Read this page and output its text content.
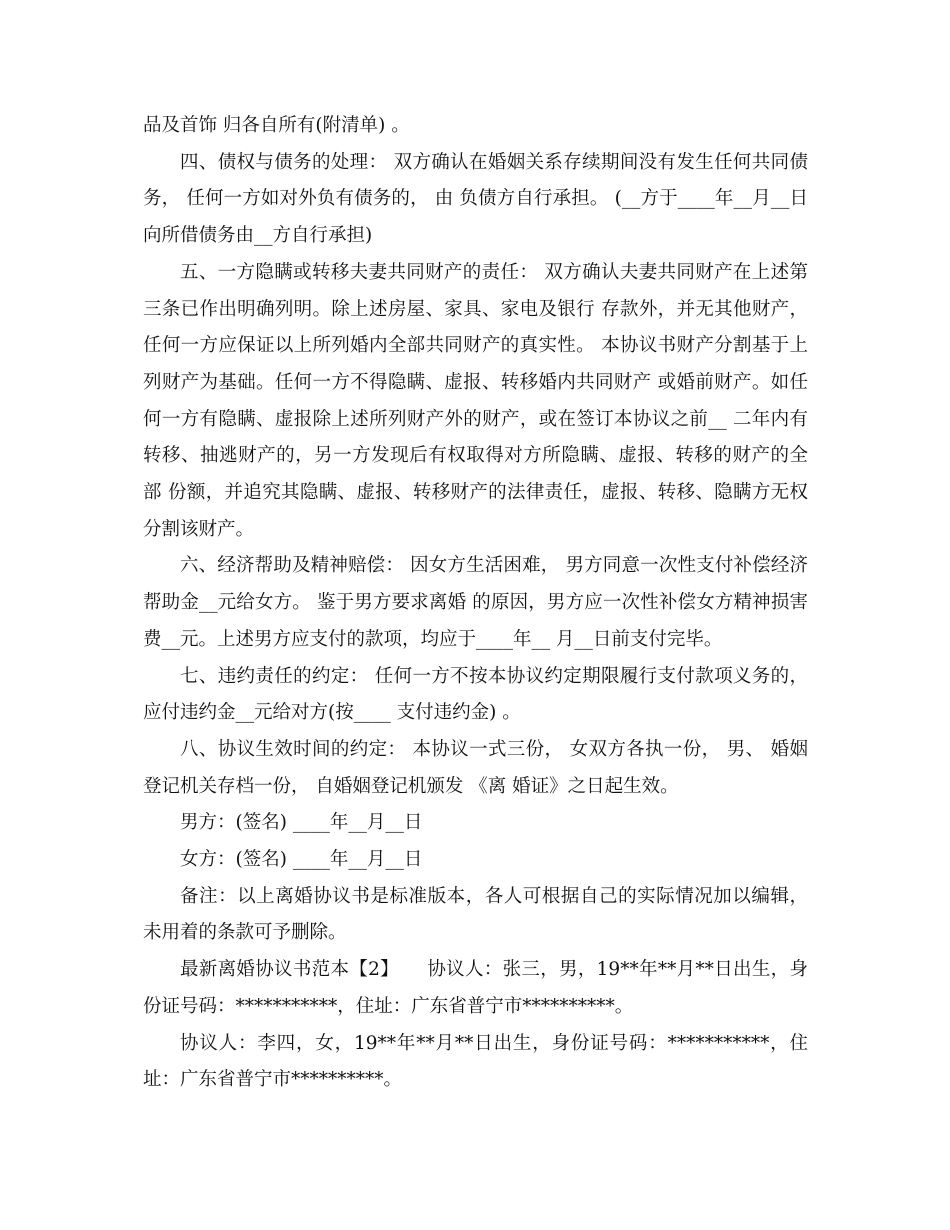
品及首饰 归各自所有(附清单) 。

四、债权与债务的处理： 双方确认在婚姻关系存续期间没有发生任何共同债务， 任何一方如对外负有债务的， 由 负债方自行承担。 (__方于____年__月__日向所借债务由__方自行承担)

五、一方隐瞒或转移夫妻共同财产的责任： 双方确认夫妻共同财产在上述第三条已作出明确列明。除上述房屋、家具、家电及银行 存款外，并无其他财产，任何一方应保证以上所列婚内全部共同财产的真实性。 本协议书财产分割基于上列财产为基础。任何一方不得隐瞒、虚报、转移婚内共同财产 或婚前财产。如任何一方有隐瞒、虚报除上述所列财产外的财产，或在签订本协议之前__ 二年内有转移、抽逃财产的，另一方发现后有权取得对方所隐瞒、虚报、转移的财产的全部 份额，并追究其隐瞒、虚报、转移财产的法律责任，虚报、转移、隐瞒方无权分割该财产。

六、经济帮助及精神赔偿： 因女方生活困难， 男方同意一次性支付补偿经济帮助金__元给女方。 鉴于男方要求离婚 的原因，男方应一次性补偿女方精神损害费__元。上述男方应支付的款项，均应于____年__ 月__日前支付完毕。

七、违约责任的约定： 任何一方不按本协议约定期限履行支付款项义务的，应付违约金__元给对方(按____ 支付违约金) 。

八、协议生效时间的约定： 本协议一式三份， 女双方各执一份， 男、 婚姻登记机关存档一份， 自婚姻登记机颁发 《离 婚证》之日起生效。

男方：(签名) ____年__月__日

女方：(签名) ____年__月__日

备注：以上离婚协议书是标准版本，各人可根据自己的实际情况加以编辑，未用着的条款可予删除。

最新离婚协议书范本【2】　　协议人：张三，男，19**年**月**日出生，身份证号码：***********，住址：广东省普宁市**********。

协议人：李四，女，19**年**月**日出生，身份证号码：***********，住址：广东省普宁市**********。
